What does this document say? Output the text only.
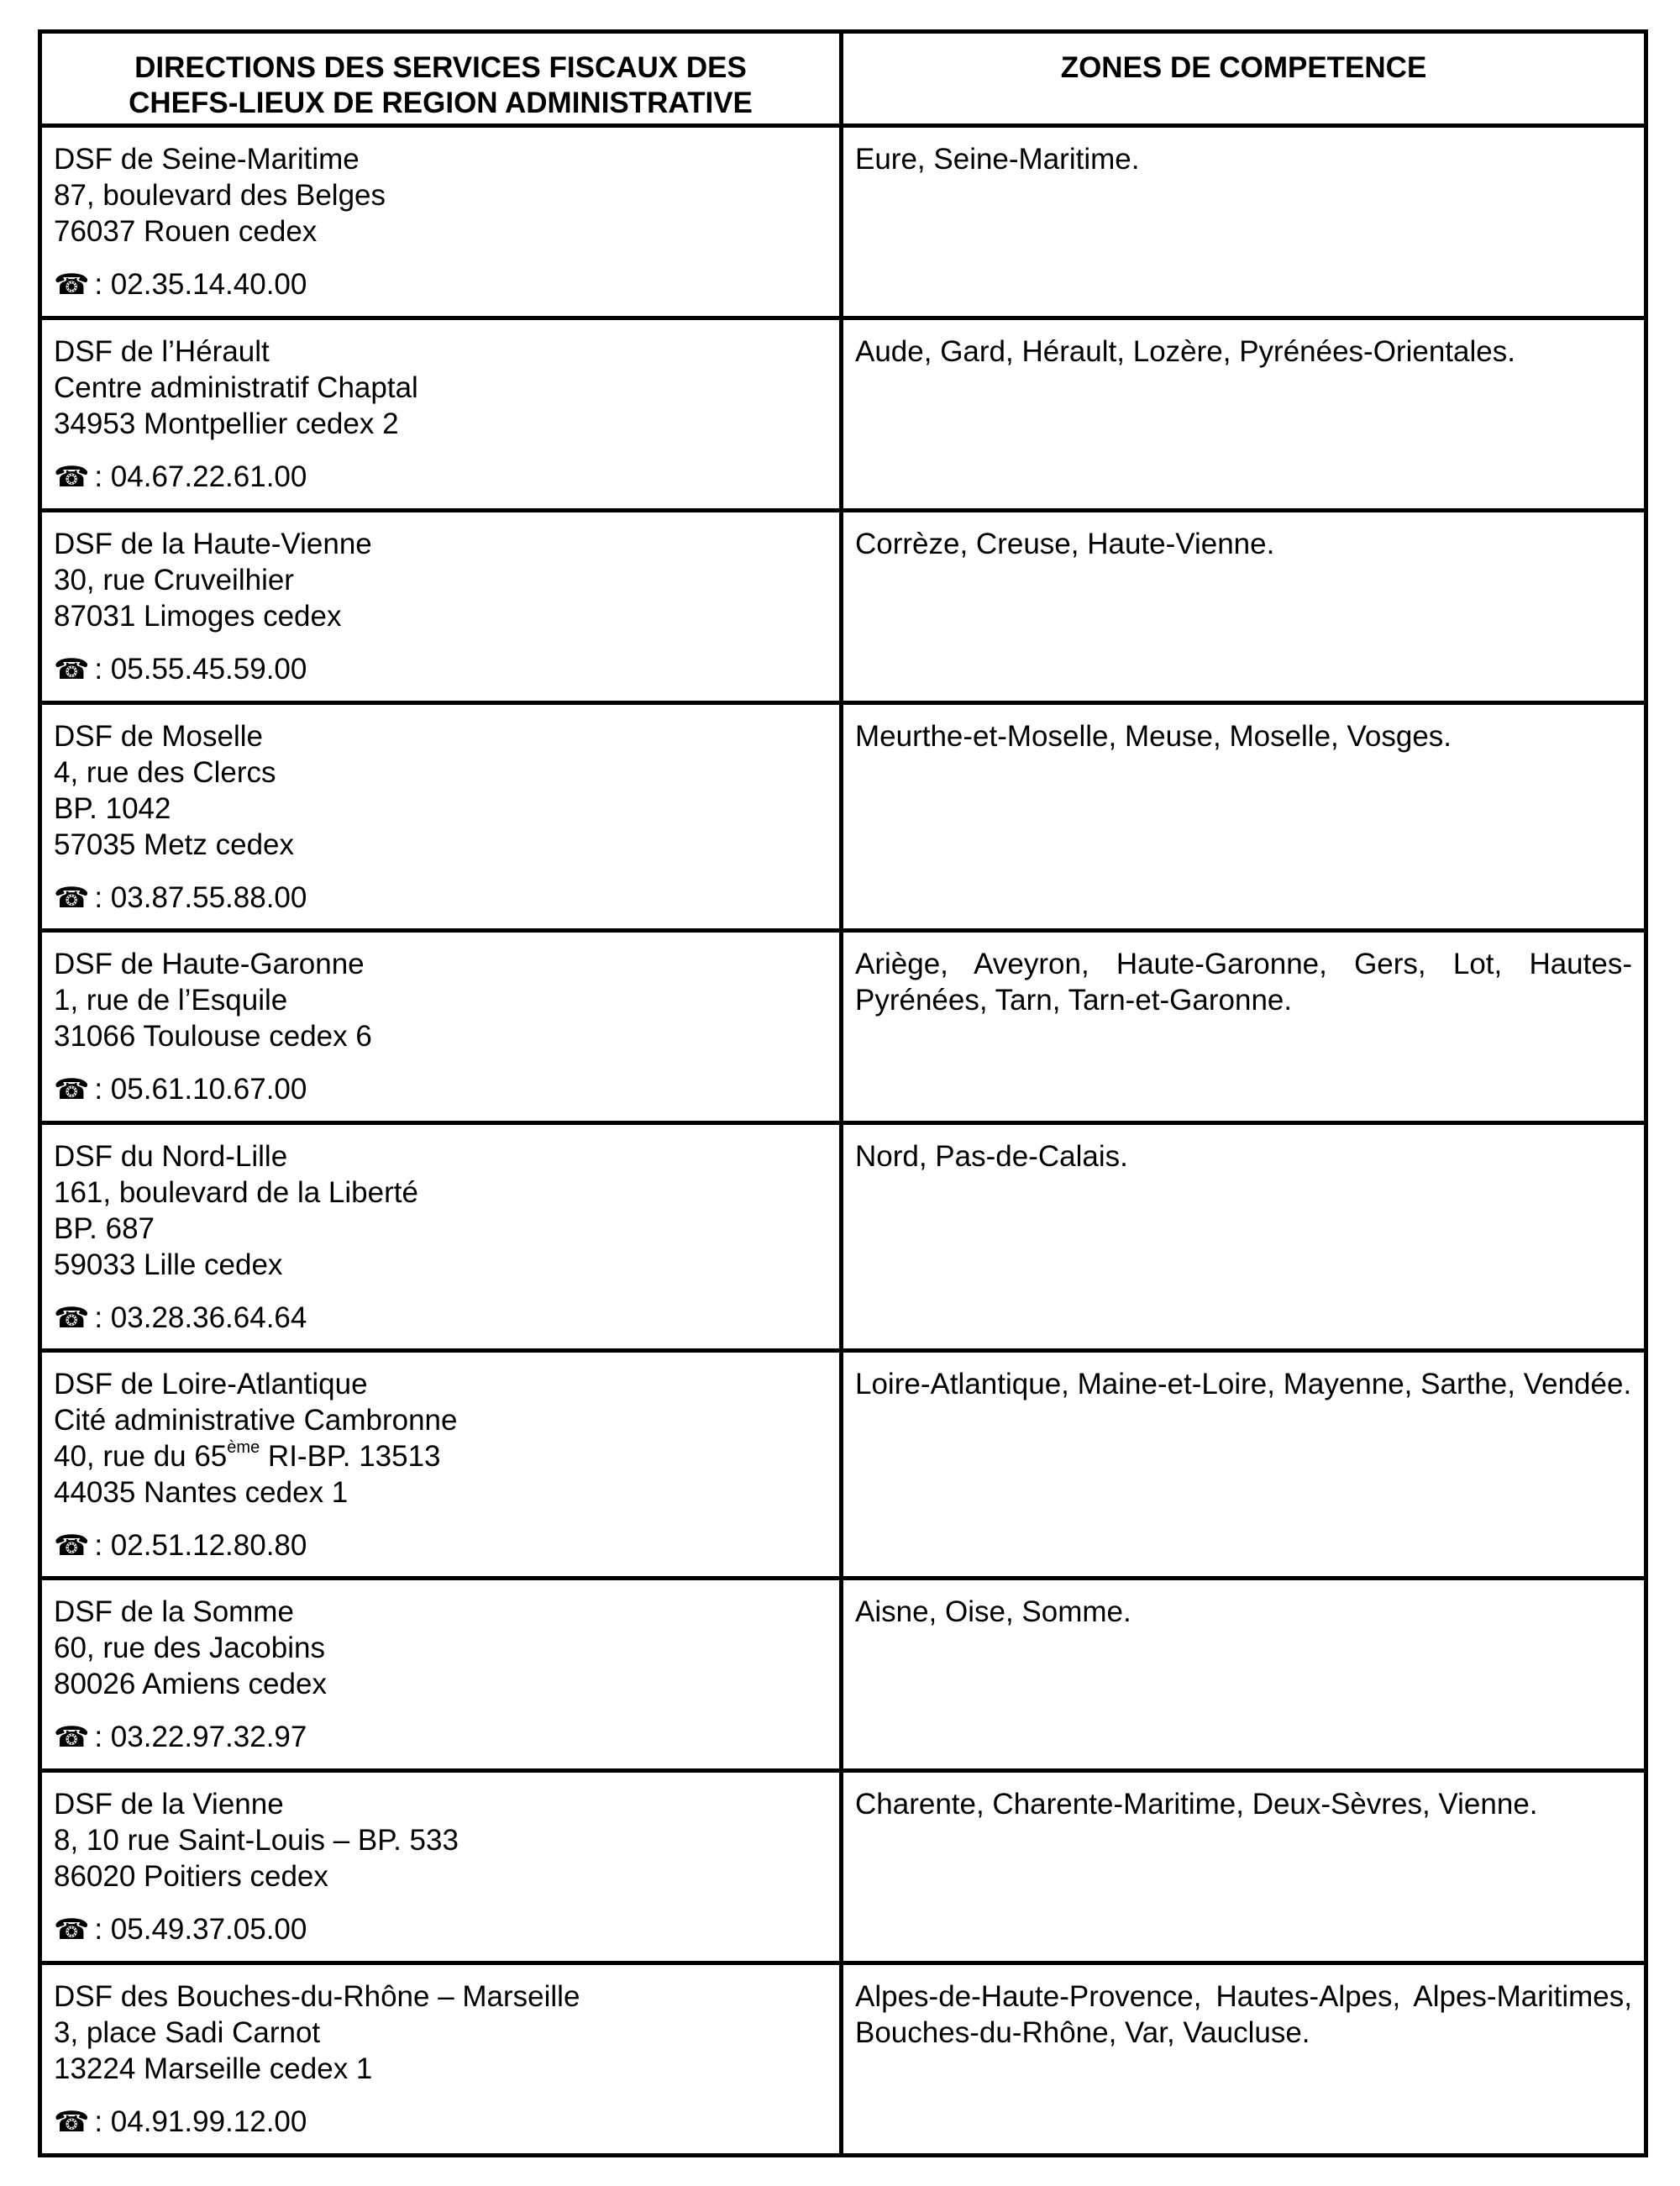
DIRECTIONS DES SERVICES FISCAUX DES
CHEFS-LIEUX DE REGION ADMINISTRATIVE	ZONES DE COMPETENCE

DSF de Seine-Maritime
87, boulevard des Belges
76037 Rouen cedex
☎ : 02.35.14.40.00	Eure, Seine-Maritime.

DSF de l’Hérault
Centre administratif Chaptal
34953 Montpellier cedex 2
☎ : 04.67.22.61.00	Aude, Gard, Hérault, Lozère, Pyrénées-Orientales.

DSF de la Haute-Vienne
30, rue Cruveilhier
87031 Limoges cedex
☎ : 05.55.45.59.00	Corrèze, Creuse, Haute-Vienne.

DSF de Moselle
4, rue des Clercs
BP. 1042
57035 Metz cedex
☎ : 03.87.55.88.00	Meurthe-et-Moselle, Meuse, Moselle, Vosges.

DSF de Haute-Garonne
1, rue de l’Esquile
31066 Toulouse cedex 6
☎ : 05.61.10.67.00	Ariège, Aveyron, Haute-Garonne, Gers, Lot, Hautes-Pyrénées, Tarn, Tarn-et-Garonne.

DSF du Nord-Lille
161, boulevard de la Liberté
BP. 687
59033 Lille cedex
☎ : 03.28.36.64.64	Nord, Pas-de-Calais.

DSF de Loire-Atlantique
Cité administrative Cambronne
40, rue du 65ème RI-BP. 13513
44035 Nantes cedex 1
☎ : 02.51.12.80.80	Loire-Atlantique, Maine-et-Loire, Mayenne, Sarthe, Vendée.

DSF de la Somme
60, rue des Jacobins
80026 Amiens cedex
☎ : 03.22.97.32.97	Aisne, Oise, Somme.

DSF de la Vienne
8, 10 rue Saint-Louis – BP. 533
86020 Poitiers cedex
☎ : 05.49.37.05.00	Charente, Charente-Maritime, Deux-Sèvres, Vienne.

DSF des Bouches-du-Rhône – Marseille
3, place Sadi Carnot
13224 Marseille cedex 1
☎ : 04.91.99.12.00	Alpes-de-Haute-Provence, Hautes-Alpes, Alpes-Maritimes, Bouches-du-Rhône, Var, Vaucluse.
